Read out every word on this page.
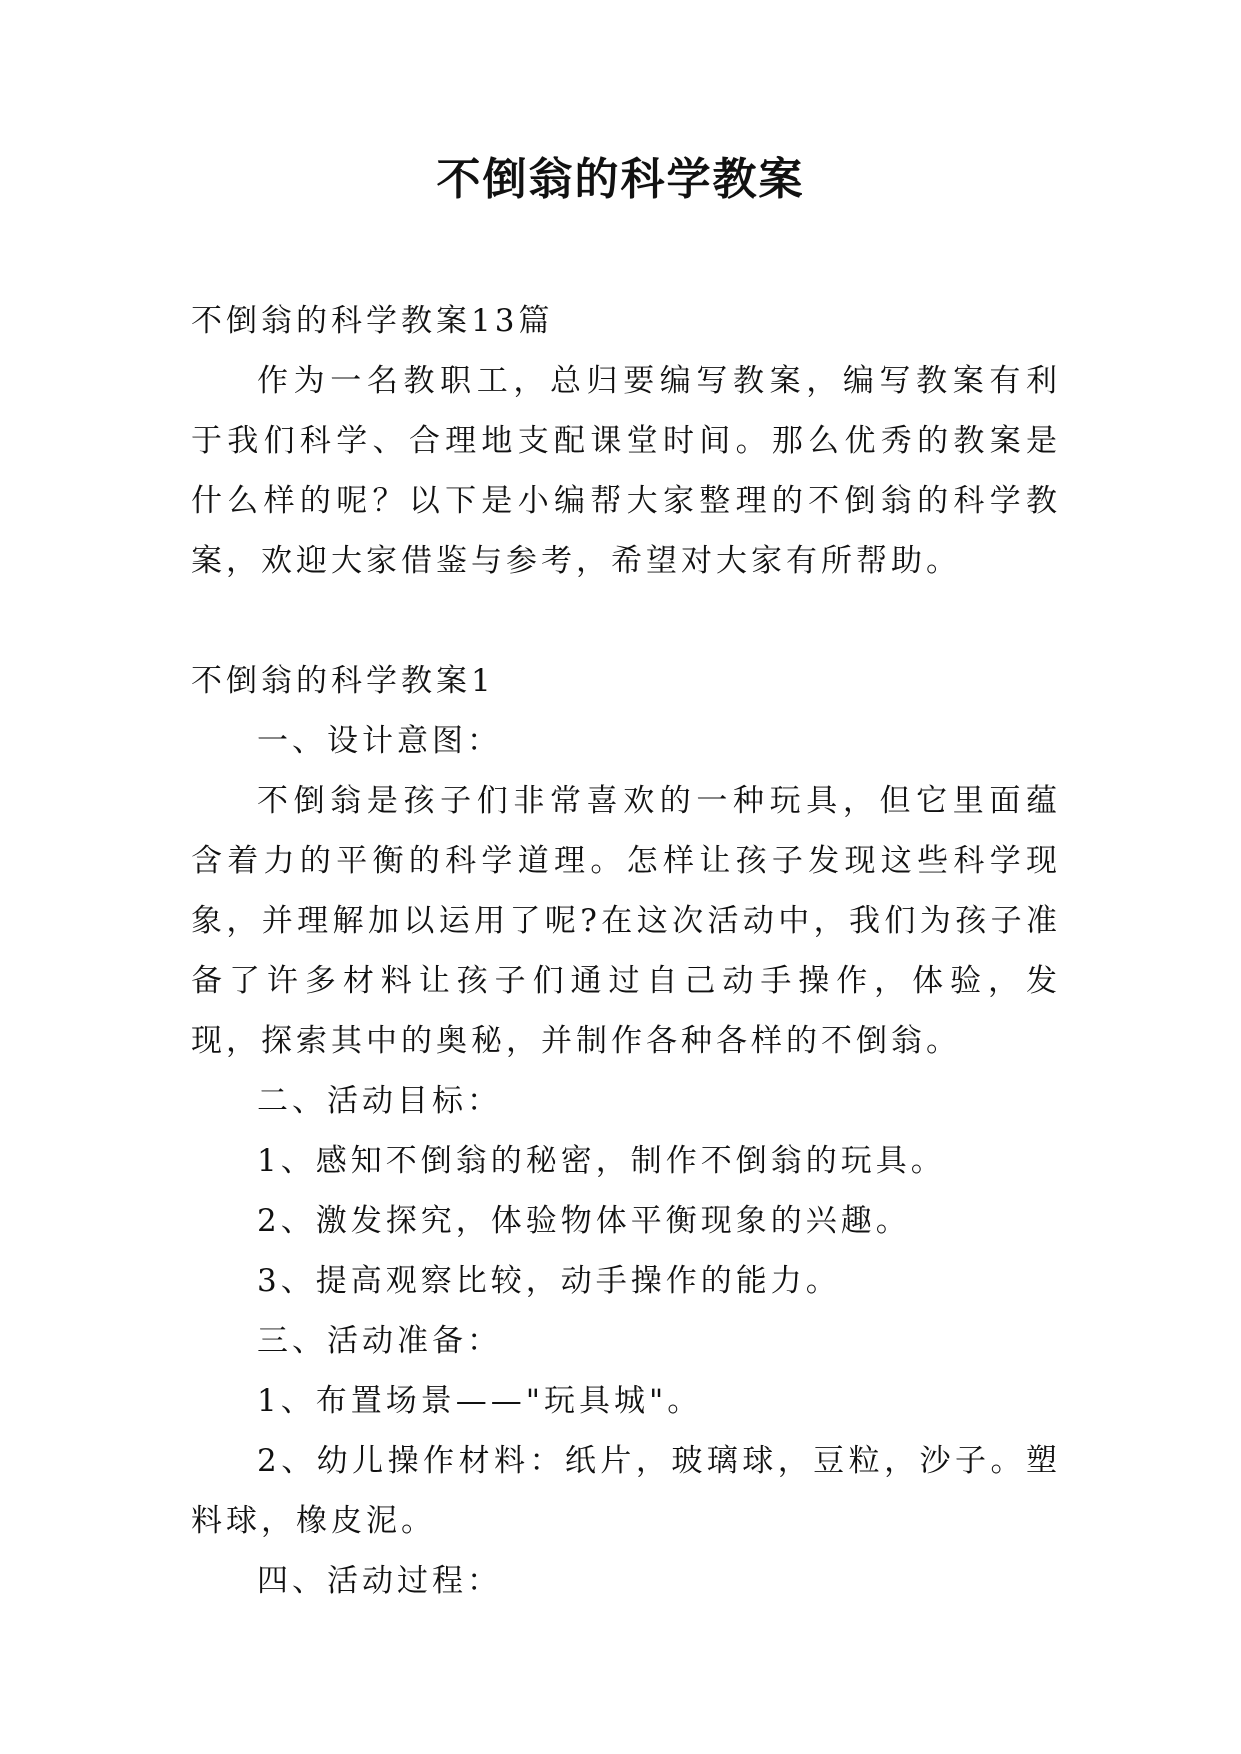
不倒翁的科学教案

不倒翁的科学教案13篇

作为一名教职工，总归要编写教案，编写教案有利于我们科学、合理地支配课堂时间。那么优秀的教案是什么样的呢？以下是小编帮大家整理的不倒翁的科学教案，欢迎大家借鉴与参考，希望对大家有所帮助。

不倒翁的科学教案1

一、设计意图：

不倒翁是孩子们非常喜欢的一种玩具，但它里面蕴含着力的平衡的科学道理。怎样让孩子发现这些科学现象，并理解加以运用了呢?在这次活动中，我们为孩子准备了许多材料让孩子们通过自己动手操作，体验，发现，探索其中的奥秘，并制作各种各样的不倒翁。

二、活动目标：

1、感知不倒翁的秘密，制作不倒翁的玩具。

2、激发探究，体验物体平衡现象的兴趣。

3、提高观察比较，动手操作的能力。

三、活动准备：

1、布置场景——"玩具城"。

2、幼儿操作材料：纸片，玻璃球，豆粒，沙子。塑料球，橡皮泥。

四、活动过程：
